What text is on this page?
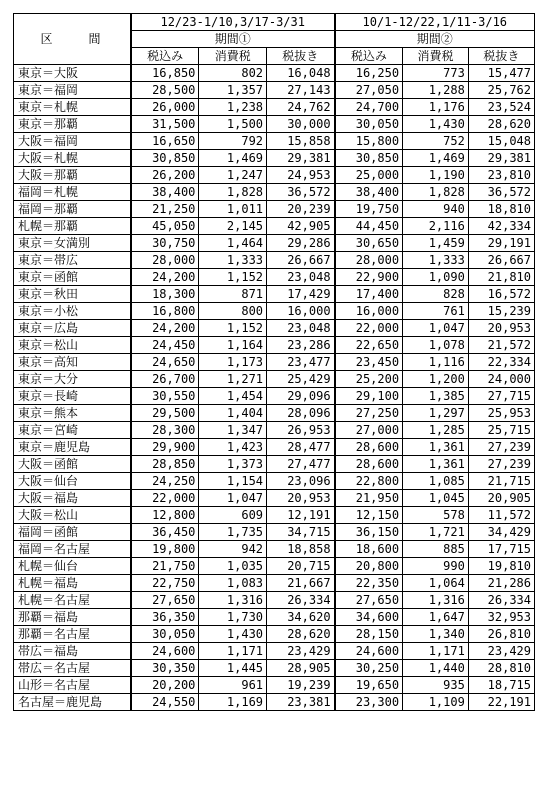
区　間	12/23-1/10,3/17-3/31			10/1-12/22,1/11-3/16		
	期間①			期間②		
	税込み	消費税	税抜き	税込み	消費税	税抜き
東京＝大阪	16,850	802	16,048	16,250	773	15,477
東京＝福岡	28,500	1,357	27,143	27,050	1,288	25,762
東京＝札幌	26,000	1,238	24,762	24,700	1,176	23,524
東京＝那覇	31,500	1,500	30,000	30,050	1,430	28,620
大阪＝福岡	16,650	792	15,858	15,800	752	15,048
大阪＝札幌	30,850	1,469	29,381	30,850	1,469	29,381
大阪＝那覇	26,200	1,247	24,953	25,000	1,190	23,810
福岡＝札幌	38,400	1,828	36,572	38,400	1,828	36,572
福岡＝那覇	21,250	1,011	20,239	19,750	940	18,810
札幌＝那覇	45,050	2,145	42,905	44,450	2,116	42,334
東京＝女満別	30,750	1,464	29,286	30,650	1,459	29,191
東京＝帯広	28,000	1,333	26,667	28,000	1,333	26,667
東京＝函館	24,200	1,152	23,048	22,900	1,090	21,810
東京＝秋田	18,300	871	17,429	17,400	828	16,572
東京＝小松	16,800	800	16,000	16,000	761	15,239
東京＝広島	24,200	1,152	23,048	22,000	1,047	20,953
東京＝松山	24,450	1,164	23,286	22,650	1,078	21,572
東京＝高知	24,650	1,173	23,477	23,450	1,116	22,334
東京＝大分	26,700	1,271	25,429	25,200	1,200	24,000
東京＝長崎	30,550	1,454	29,096	29,100	1,385	27,715
東京＝熊本	29,500	1,404	28,096	27,250	1,297	25,953
東京＝宮崎	28,300	1,347	26,953	27,000	1,285	25,715
東京＝鹿児島	29,900	1,423	28,477	28,600	1,361	27,239
大阪＝函館	28,850	1,373	27,477	28,600	1,361	27,239
大阪＝仙台	24,250	1,154	23,096	22,800	1,085	21,715
大阪＝福島	22,000	1,047	20,953	21,950	1,045	20,905
大阪＝松山	12,800	609	12,191	12,150	578	11,572
福岡＝函館	36,450	1,735	34,715	36,150	1,721	34,429
福岡＝名古屋	19,800	942	18,858	18,600	885	17,715
札幌＝仙台	21,750	1,035	20,715	20,800	990	19,810
札幌＝福島	22,750	1,083	21,667	22,350	1,064	21,286
札幌＝名古屋	27,650	1,316	26,334	27,650	1,316	26,334
那覇＝福島	36,350	1,730	34,620	34,600	1,647	32,953
那覇＝名古屋	30,050	1,430	28,620	28,150	1,340	26,810
帯広＝福島	24,600	1,171	23,429	24,600	1,171	23,429
帯広＝名古屋	30,350	1,445	28,905	30,250	1,440	28,810
山形＝名古屋	20,200	961	19,239	19,650	935	18,715
名古屋＝鹿児島	24,550	1,169	23,381	23,300	1,109	22,191
